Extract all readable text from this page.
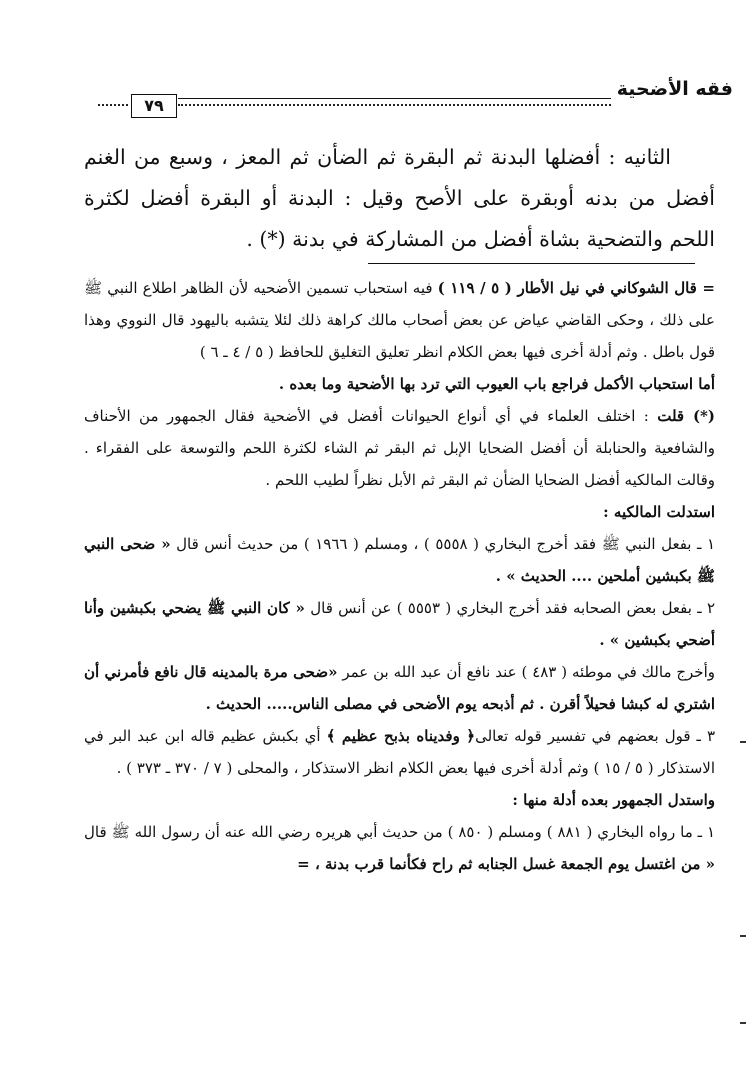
فقه الأضحية
٧٩

الثانيه : أفضلها البدنة ثم البقرة ثم الضأن ثم المعز ، وسبع من الغنم أفضل من بدنه أوبقرة على الأصح وقيل : البدنة أو البقرة أفضل لكثرة اللحم والتضحية بشاة أفضل من المشاركة في بدنة (*) .

= قال الشوكاني في نيل الأطار ( ٥ / ١١٩ ) فيه استحباب تسمين الأضحيه لأن الظاهر اطلاع النبي ﷺ على ذلك ، وحكى القاضي عياض عن بعض أصحاب مالك كراهة ذلك لئلا يتشبه باليهود قال النووي وهذا قول باطل . وثم أدلة أخرى فيها بعض الكلام انظر تعليق التغليق للحافظ ( ٥ / ٤ ـ ٦ )

أما استحباب الأكمل فراجع باب العيوب التي ترد بها الأضحية وما بعده .

(*) قلت : اختلف العلماء في أي أنواع الحيوانات أفضل في الأضحية فقال الجمهور من الأحناف والشافعية والحنابلة أن أفضل الضحايا الإبل ثم البقر ثم الشاء لكثرة اللحم والتوسعة على الفقراء . وقالت المالكيه أفضل الضحايا الضأن ثم البقر ثم الأبل نظراً لطيب اللحم .

استدلت المالكيه :

١ ـ بفعل النبي ﷺ فقد أخرج البخاري ( ٥٥٥٨ ) ، ومسلم ( ١٩٦٦ ) من حديث أنس قال « ضحى النبي ﷺ بكبشين أملحين .... الحديث » .

٢ ـ بفعل بعض الصحابه فقد أخرج البخاري ( ٥٥٥٣ ) عن أنس قال « كان النبي ﷺ يضحي بكبشين وأنا أضحي بكبشين » .

وأخرج مالك في موطئه ( ٤٨٣ ) عند نافع أن عبد الله بن عمر «ضحى مرة بالمدينه قال نافع فأمرني أن اشتري له كبشا فحيلاً أقرن . ثم أذبحه يوم الأضحى في مصلى الناس..... الحديث .

٣ ـ قول بعضهم في تفسير قوله تعالى﴿ وفديناه بذبح عظيم ﴾ أي بكبش عظيم قاله ابن عبد البر في الاستذكار ( ٥ / ١٥ ) وثم أدلة أخرى فيها بعض الكلام انظر الاستذكار ، والمحلى ( ٧ / ٣٧٠ ـ ٣٧٣ ) .

واستدل الجمهور بعده أدلة منها :

١ ـ ما رواه البخاري ( ٨٨١ ) ومسلم ( ٨٥٠ ) من حديث أبي هريره رضي الله عنه أن رسول الله ﷺ قال « من اغتسل يوم الجمعة غسل الجنابه ثم راح فكأنما قرب بدنة ، =
